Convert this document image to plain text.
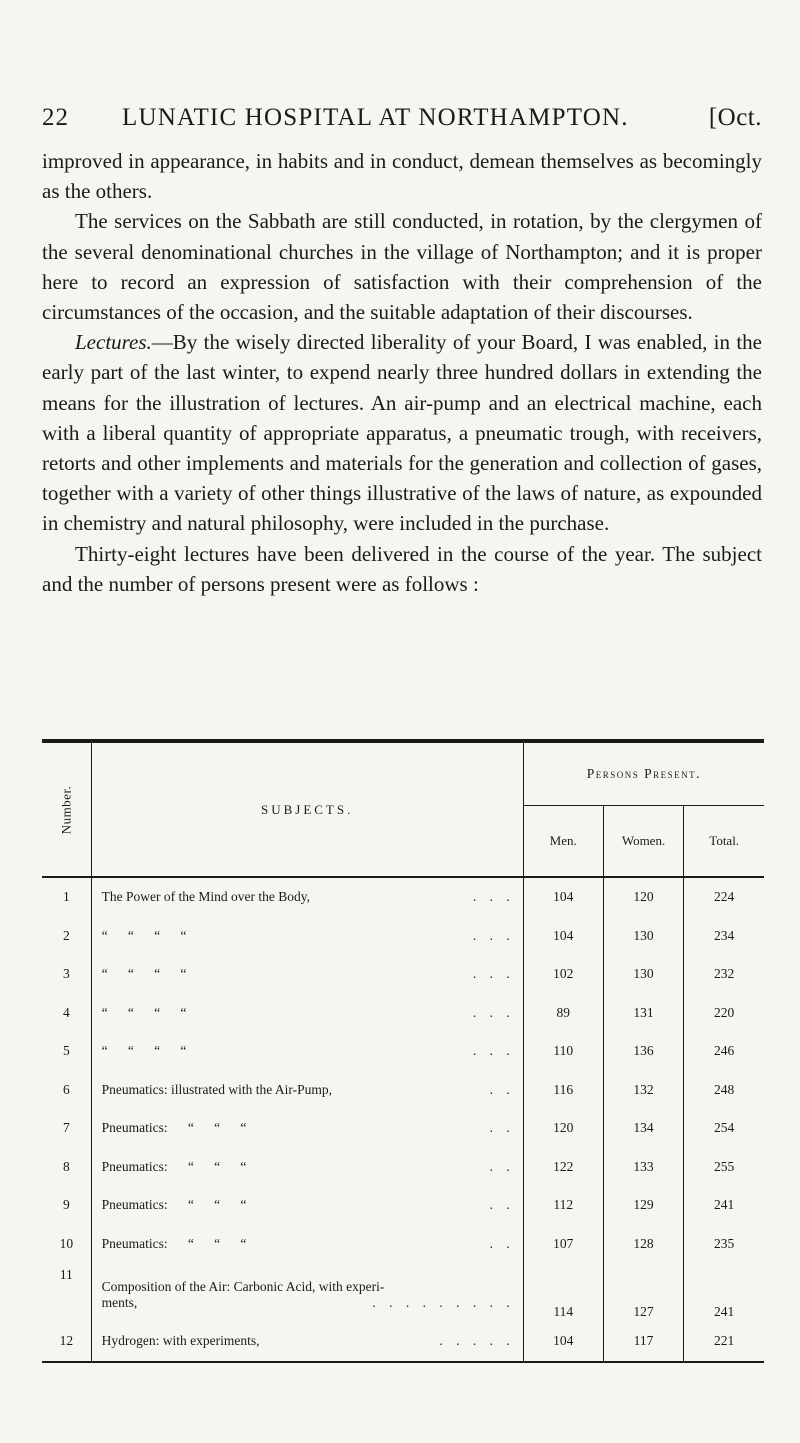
22 LUNATIC HOSPITAL AT NORTHAMPTON.	[Oct.

improved in appearance, in habits and in conduct, demean themselves as becomingly as the others.

The services on the Sabbath are still conducted, in rotation, by the clergymen of the several denominational churches in the village of Northampton; and it is proper here to record an expression of satisfaction with their comprehension of the circumstances of the occasion, and the suitable adaptation of their discourses.

Lectures.—By the wisely directed liberality of your Board, I was enabled, in the early part of the last winter, to expend nearly three hundred dollars in extending the means for the illustration of lectures. An air-pump and an electrical machine, each with a liberal quantity of appropriate apparatus, a pneumatic trough, with receivers, retorts and other implements and materials for the generation and collection of gases, together with a variety of other things illustrative of the laws of nature, as expounded in chemistry and natural philosophy, were included in the purchase.

Thirty-eight lectures have been delivered in the course of the year. The subject and the number of persons present were as follows :

Number.	SUBJECTS.	Persons Present.		
		Men.	Women.	Total.
1	The Power of the Mind over the Body, . . .	104	120	224
2	“      “      “      “ . . .	104	130	234
3	“      “      “      “ . . .	102	130	232
4	“      “      “      “ . . .	89	131	220
5	“      “      “      “ . . .	110	136	246
6	Pneumatics: illustrated with the Air-Pump, . .	116	132	248
7	Pneumatics:      “      “      “ . .	120	134	254
8	Pneumatics:      “      “      “ . .	122	133	255
9	Pneumatics:      “      “      “ . .	112	129	241
10	Pneumatics:      “      “      “ . .	107	128	235
11	Composition of the Air: Carbonic Acid, with experi-
ments, . . . . . . . . .	114	127	241
12	Hydrogen: with experiments, . . . . .	104	117	221
